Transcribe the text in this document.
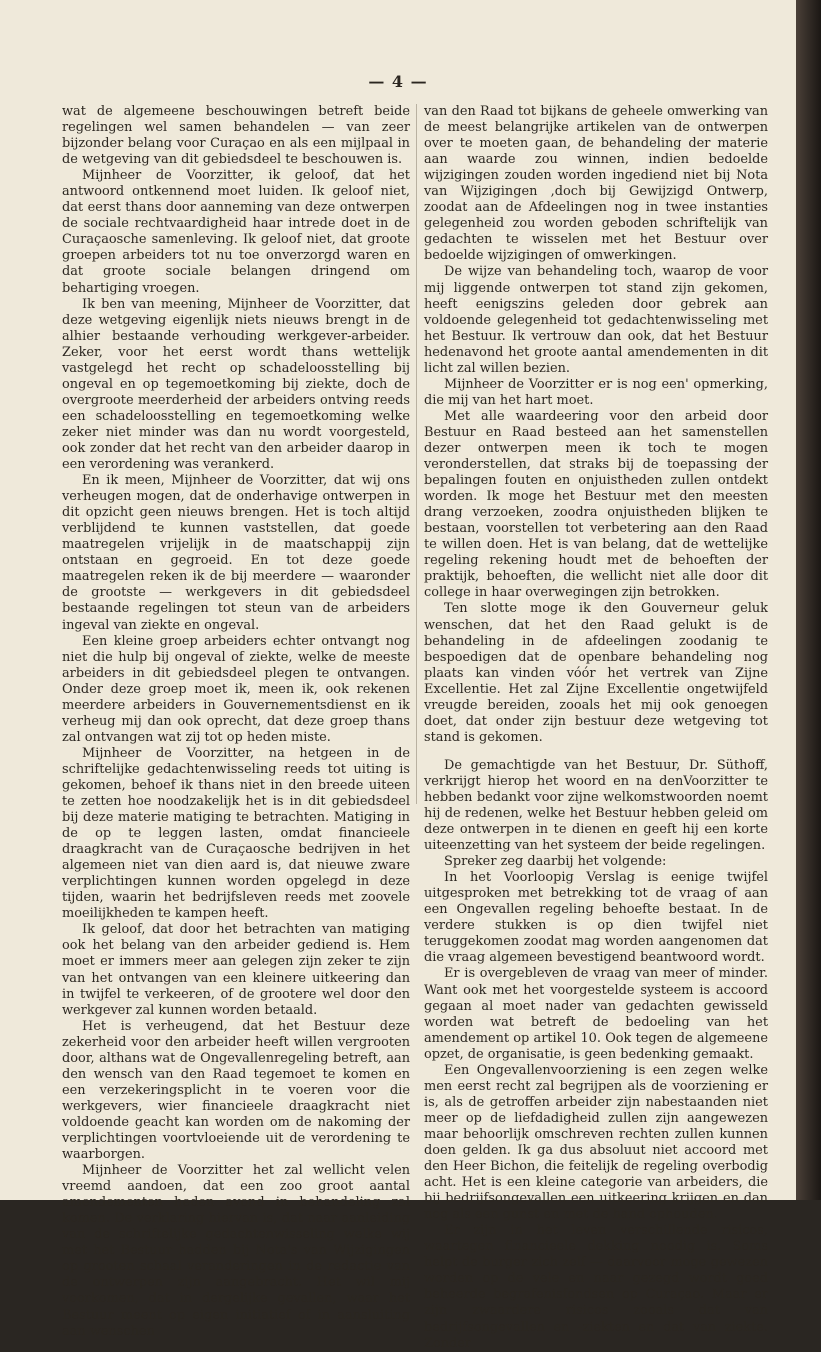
— 4 —

wat de algemeene beschouwingen betreft beide regelingen wel samen behandelen — van zeer bijzonder belang voor Curaçao en als een mijlpaal in de wetgeving van dit gebiedsdeel te beschouwen is.

Mijnheer de Voorzitter, ik geloof, dat het antwoord ontkennend moet luiden. Ik geloof niet, dat eerst thans door aanneming van deze ontwerpen de sociale rechtvaardigheid haar intrede doet in de Curaçaosche samenleving. Ik geloof niet, dat groote groepen arbeiders tot nu toe onverzorgd waren en dat groote sociale belangen dringend om behartiging vroegen.

Ik ben van meening, Mijnheer de Voorzitter, dat deze wetgeving eigenlijk niets nieuws brengt in de alhier bestaande verhouding werkgever-arbeider. Zeker, voor het eerst wordt thans wettelijk vastgelegd het recht op schadeloosstelling bij ongeval en op tegemoetkoming bij ziekte, doch de overgroote meerderheid der arbeiders ontving reeds een schadeloosstelling en tegemoetkoming welke zeker niet minder was dan nu wordt voorgesteld, ook zonder dat het recht van den arbeider daarop in een verordening was verankerd.

En ik meen, Mijnheer de Voorzitter, dat wij ons verheugen mogen, dat de onderhavige ontwerpen in dit opzicht geen nieuws brengen. Het is toch altijd verblijdend te kunnen vaststellen, dat goede maatregelen vrijelijk in de maatschappij zijn ontstaan en gegroeid. En tot deze goede maatregelen reken ik de bij meerdere — waaronder de grootste — werkgevers in dit gebiedsdeel bestaande regelingen tot steun van de arbeiders ingeval van ziekte en ongeval.

Een kleine groep arbeiders echter ontvangt nog niet die hulp bij ongeval of ziekte, welke de meeste arbeiders in dit gebiedsdeel plegen te ontvangen. Onder deze groep moet ik, meen ik, ook rekenen meerdere arbeiders in Gouvernementsdienst en ik verheug mij dan ook oprecht, dat deze groep thans zal ontvangen wat zij tot op heden miste.

Mijnheer de Voorzitter, na hetgeen in de schriftelijke gedachtenwisseling reeds tot uiting is gekomen, behoef ik thans niet in den breede uiteen te zetten hoe noodzakelijk het is in dit gebiedsdeel bij deze materie matiging te betrachten. Matiging in de op te leggen lasten, omdat financieele draagkracht van de Curaçaosche bedrijven in het algemeen niet van dien aard is, dat nieuwe zware verplichtingen kunnen worden opgelegd in deze tijden, waarin het bedrijfsleven reeds met zoovele moeilijkheden te kampen heeft.

Ik geloof, dat door het betrachten van matiging ook het belang van den arbeider gediend is. Hem moet er immers meer aan gelegen zijn zeker te zijn van het ontvangen van een kleinere uitkeering dan in twijfel te verkeeren, of de grootere wel door den werkgever zal kunnen worden betaald.

Het is verheugend, dat het Bestuur deze zekerheid voor den arbeider heeft willen vergrooten door, althans wat de Ongevallenregeling betreft, aan den wensch van den Raad tegemoet te komen en een verzekeringsplicht in te voeren voor die werkgevers, wier financieele draagkracht niet voldoende geacht kan worden om de nakoming der verplichtingen voortvloeiende uit de verordening te waarborgen.

Mijnheer de Voorzitter het zal wellicht velen vreemd aandoen, dat een zoo groot aantal amendementen heden avond in behandeling zal komen. De verklaring hiervan is, dat naar aanleiding van de schriftelijke gedachtenwisseling welke wij met het Bestuur hadden bij Nota's van Wijzigingen op grooten schaal veranderingen in de redactie van de ontwerpen zijn aangebracht. Het wil mij voorkomen, dat in dergelijke gevallen, waar het Bestuur meent op eigen initiatief of in aansluiting aan wenschen

van den Raad tot bijkans de geheele omwerking van de meest belangrijke artikelen van de ontwerpen over te moeten gaan, de behandeling der materie aan waarde zou winnen, indien bedoelde wijzigingen zouden worden ingediend niet bij Nota van Wijzigingen ,doch bij Gewijzigd Ontwerp, zoodat aan de Afdeelingen nog in twee instanties gelegenheid zou worden geboden schriftelijk van gedachten te wisselen met het Bestuur over bedoelde wijzigingen of omwerkingen.

De wijze van behandeling toch, waarop de voor mij liggende ontwerpen tot stand zijn gekomen, heeft eenigszins geleden door gebrek aan voldoende gelegenheid tot gedachtenwisseling met het Bestuur. Ik vertrouw dan ook, dat het Bestuur hedenavond het groote aantal amendementen in dit licht zal willen bezien.

Mijnheer de Voorzitter er is nog een' opmerking, die mij van het hart moet.

Met alle waardeering voor den arbeid door Bestuur en Raad besteed aan het samenstellen dezer ontwerpen meen ik toch te mogen veronderstellen, dat straks bij de toepassing der bepalingen fouten en onjuistheden zullen ontdekt worden. Ik moge het Bestuur met den meesten drang verzoeken, zoodra onjuistheden blijken te bestaan, voorstellen tot verbetering aan den Raad te willen doen. Het is van belang, dat de wettelijke regeling rekening houdt met de behoeften der praktijk, behoeften, die wellicht niet alle door dit college in haar overwegingen zijn betrokken.

Ten slotte moge ik den Gouverneur geluk wenschen, dat het den Raad gelukt is de behandeling in de afdeelingen zoodanig te bespoedigen dat de openbare behandeling nog plaats kan vinden vóór het vertrek van Zijne Excellentie. Het zal Zijne Excellentie ongetwijfeld vreugde bereiden, zooals het mij ook genoegen doet, dat onder zijn bestuur deze wetgeving tot stand is gekomen.

De gemachtigde van het Bestuur, Dr. Süthoff, verkrijgt hierop het woord en na denVoorzitter te hebben bedankt voor zijne welkomstwoorden noemt hij de redenen, welke het Bestuur hebben geleid om deze ontwerpen in te dienen en geeft hij een korte uiteenzetting van het systeem der beide regelingen.

Spreker zeg daarbij het volgende:

In het Voorloopig Verslag is eenige twijfel uitgesproken met betrekking tot de vraag of aan een Ongevallen regeling behoefte bestaat. In de verdere stukken is op dien twijfel niet teruggekomen zoodat mag worden aangenomen dat die vraag algemeen bevestigend beantwoord wordt.

Er is overgebleven de vraag van meer of minder. Want ook met het voorgestelde systeem is accoord gegaan al moet nader van gedachten gewisseld worden wat betreft de bedoeling van het amendement op artikel 10. Ook tegen de algemeene opzet, de organisatie, is geen bedenking gemaakt.

Een Ongevallenvoorziening is een zegen welke men eerst recht zal begrijpen als de voorziening er is, als de getroffen arbeider zijn nabestaanden niet meer op de liefdadigheid zullen zijn aangewezen maar behoorlijk omschreven rechten zullen kunnen doen gelden. Ik ga dus absoluut niet accoord met den Heer Bichon, die feitelijk de regeling overbodig acht. Het is een kleine categorie van arbeiders, die bij bedrijfsongevallen een uitkeering krijgen en dan nog als een gunst en met de hand ophouden.

Er zijn in het leven verschillende risicos, waartegen financieele dekking noodig is. Soms helpt de burger zich zelf — daarvoor moge gewezen worden op de vele en naar gezegd wordt goed beheerde begrafenisfondsen op Curaçao. Maar er zijn zwaardere risicos zooals dat van bedrijfsongevallen en -ziekten en dat van ziekte. Zonder
